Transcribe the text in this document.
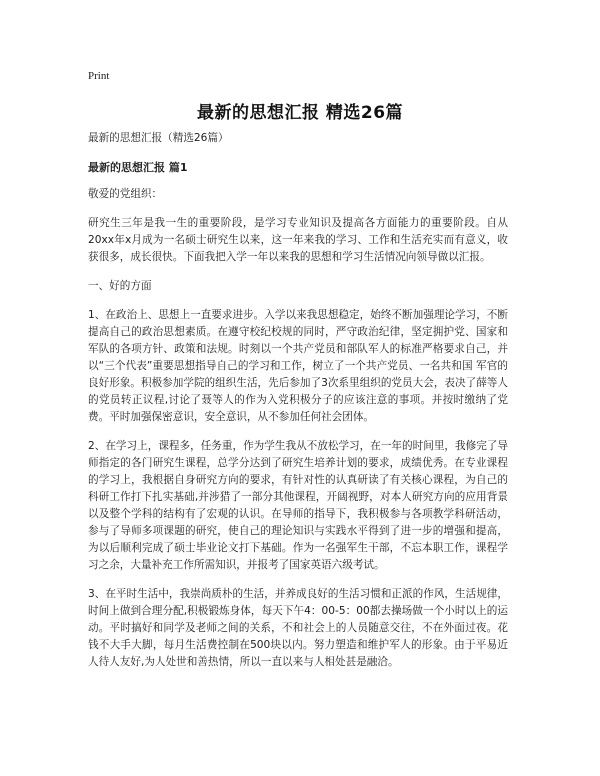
Print
最新的思想汇报 精选26篇

最新的思想汇报（精选26篇）

最新的思想汇报 篇1

敬爱的党组织：

研究生三年是我一生的重要阶段，是学习专业知识及提高各方面能力的重要阶段。自从20xx年x月成为一名硕士研究生以来，这一年来我的学习、工作和生活充实而有意义，收获很多，成长很快。下面我把入学一年以来我的思想和学习生活情况向领导做以汇报。

一、好的方面

1、在政治上、思想上一直要求进步。入学以来我思想稳定，始终不断加强理论学习，不断提高自己的政治思想素质。在遵守校纪校规的同时，严守政治纪律，坚定拥护党、国家和军队的各项方针、政策和法规。时刻以一个共产党员和部队军人的标准严格要求自己，并以“三个代表”重要思想指导自己的学习和工作，树立了一个共产党员、一名共和国 军官的良好形象。积极参加学院的组织生活，先后参加了3次系里组织的党员大会，表决了薛等人的党员转正议程,讨论了聂等人的作为入党积极分子的应该注意的事项。并按时缴纳了党费。平时加强保密意识，安全意识，从不参加任何社会团体。

2、在学习上，课程多，任务重，作为学生我从不放松学习，在一年的时间里，我修完了导师指定的各门研究生课程，总学分达到了研究生培养计划的要求，成绩优秀。在专业课程的学习上，我根据自身研究方向的要求，有针对性的认真研读了有关核心课程，为自己的科研工作打下扎实基础,并涉猎了一部分其他课程，开阔视野，对本人研究方向的应用背景以及整个学科的结构有了宏观的认识。在导师的指导下，我积极参与各项教学科研活动，参与了导师多项课题的研究，使自己的理论知识与实践水平得到了进一步的增强和提高，为以后顺利完成了硕士毕业论文打下基础。作为一名强军生干部，不忘本职工作，课程学习之余，大量补充工作所需知识，并报考了国家英语六级考试。

3、在平时生活中，我崇尚质朴的生活，并养成良好的生活习惯和正派的作风，生活规律，时间上做到合理分配,积极锻炼身体，每天下午4：00-5：00都去操场做一个小时以上的运动。平时搞好和同学及老师之间的关系，不和社会上的人员随意交往，不在外面过夜。花钱不大手大脚，每月生活费控制在500块以内。努力塑造和维护军人的形象。由于平易近人待人友好,为人处世和善热情，所以一直以来与人相处甚是融洽。
